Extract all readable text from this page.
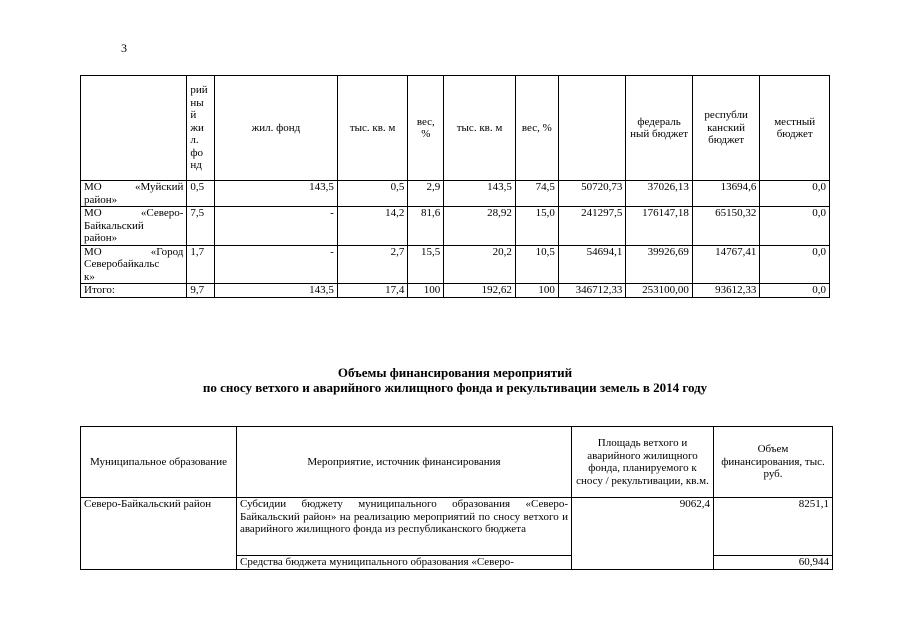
3
	рий ны й жи л. фо нд	жил. фонд	тыс. кв. м	вес, %	тыс. кв. м	вес, %		федераль ный бюджет	республи канский бюджет	местный бюджет
МО «Муйский
район»	0,5	143,5	0,5	2,9	143,5	74,5	50720,73	37026,13	13694,6	0,0
МО «Северо- Байкальский
район»	7,5	-	14,2	81,6	28,92	15,0	241297,5	176147,18	65150,32	0,0
МО «Город Северобайкальс
к»	1,7	-	2,7	15,5	20,2	10,5	54694,1	39926,69	14767,41	0,0
Итого:	9,7	143,5	17,4	100	192,62	100	346712,33	253100,00	93612,33	0,0
Объемы финансирования мероприятий
по сносу ветхого и аварийного жилищного фонда и рекультивации земель в 2014 году
Муниципальное образование	Мероприятие, источник финансирования	Площадь ветхого и аварийного жилищного фонда, планируемого к сносу / рекультивации, кв.м.	Объем финансирования, тыс. руб.
Северо-Байкальский район	Субсидии бюджету муниципального образования «Северо-Байкальский район» на реализацию мероприятий по сносу ветхого и аварийного жилищного фонда из республиканского бюджета	9062,4	8251,1
	Средства бюджета муниципального образования «Северо-		60,944
